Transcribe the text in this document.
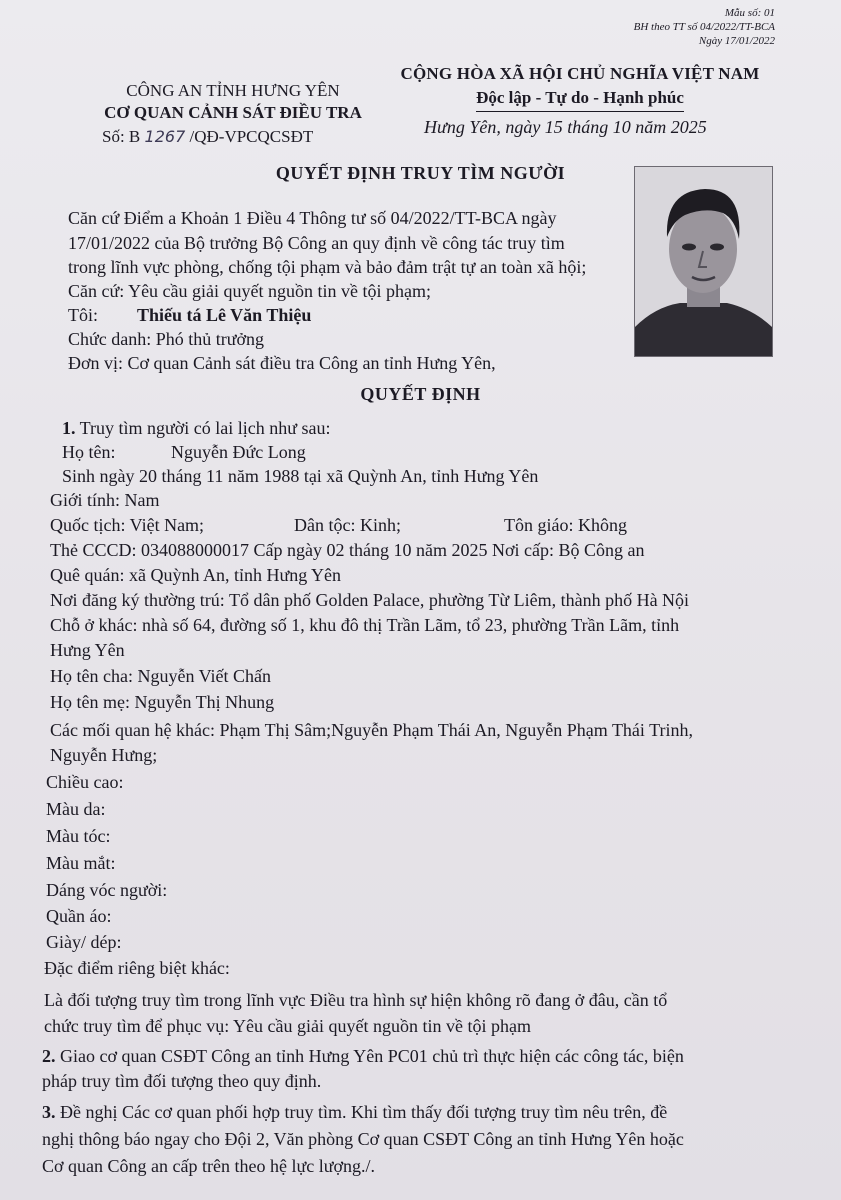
Mẫu số: 01
BH theo TT số 04/2022/TT-BCA
Ngày 17/01/2022
CÔNG AN TỈNH HƯNG YÊN
CƠ QUAN CẢNH SÁT ĐIỀU TRA
Số: B 1267 /QĐ-VPCQCSĐT
CỘNG HÒA XÃ HỘI CHỦ NGHĨA VIỆT NAM
Độc lập - Tự do - Hạnh phúc
Hưng Yên, ngày 15 tháng 10 năm 2025
QUYẾT ĐỊNH TRUY TÌM NGƯỜI
Căn cứ Điểm a Khoản 1 Điều 4 Thông tư số 04/2022/TT-BCA ngày
17/01/2022 của Bộ trưởng Bộ Công an quy định về công tác truy tìm
trong lĩnh vực phòng, chống tội phạm và bảo đảm trật tự an toàn xã hội;
Căn cứ: Yêu cầu giải quyết nguồn tin về tội phạm;
Tôi: Thiếu tá Lê Văn Thiệu
Chức danh: Phó thủ trưởng
Đơn vị: Cơ quan Cảnh sát điều tra Công an tỉnh Hưng Yên,
QUYẾT ĐỊNH
1. Truy tìm người có lai lịch như sau:
Họ tên:	Nguyễn Đức Long
Sinh ngày 20 tháng 11 năm 1988 tại xã Quỳnh An, tỉnh Hưng Yên
Giới tính: Nam
Quốc tịch: Việt Nam;	Dân tộc: Kinh;	Tôn giáo: Không
Thẻ CCCD: 034088000017 Cấp ngày 02 tháng 10 năm 2025 Nơi cấp: Bộ Công an
Quê quán: xã Quỳnh An, tỉnh Hưng Yên
Nơi đăng ký thường trú: Tổ dân phố Golden Palace, phường Từ Liêm, thành phố Hà Nội
Chỗ ở khác: nhà số 64, đường số 1, khu đô thị Trần Lãm, tổ 23, phường Trần Lãm, tỉnh
Hưng Yên
Họ tên cha: Nguyễn Viết Chấn
Họ tên mẹ: Nguyễn Thị Nhung
Các mối quan hệ khác: Phạm Thị Sâm;Nguyễn Phạm Thái An, Nguyễn Phạm Thái Trinh,
Nguyễn Hưng;
Chiều cao:
Màu da:
Màu tóc:
Màu mắt:
Dáng vóc người:
Quần áo:
Giày/ dép:
Đặc điểm riêng biệt khác:
Là đối tượng truy tìm trong lĩnh vực Điều tra hình sự hiện không rõ đang ở đâu, cần tổ
chức truy tìm để phục vụ: Yêu cầu giải quyết nguồn tin về tội phạm
2. Giao cơ quan CSĐT Công an tỉnh Hưng Yên PC01 chủ trì thực hiện các công tác, biện
pháp truy tìm đối tượng theo quy định.
3. Đề nghị Các cơ quan phối hợp truy tìm. Khi tìm thấy đối tượng truy tìm nêu trên, đề
nghị thông báo ngay cho Đội 2, Văn phòng Cơ quan CSĐT Công an tỉnh Hưng Yên hoặc
Cơ quan Công an cấp trên theo hệ lực lượng./.
